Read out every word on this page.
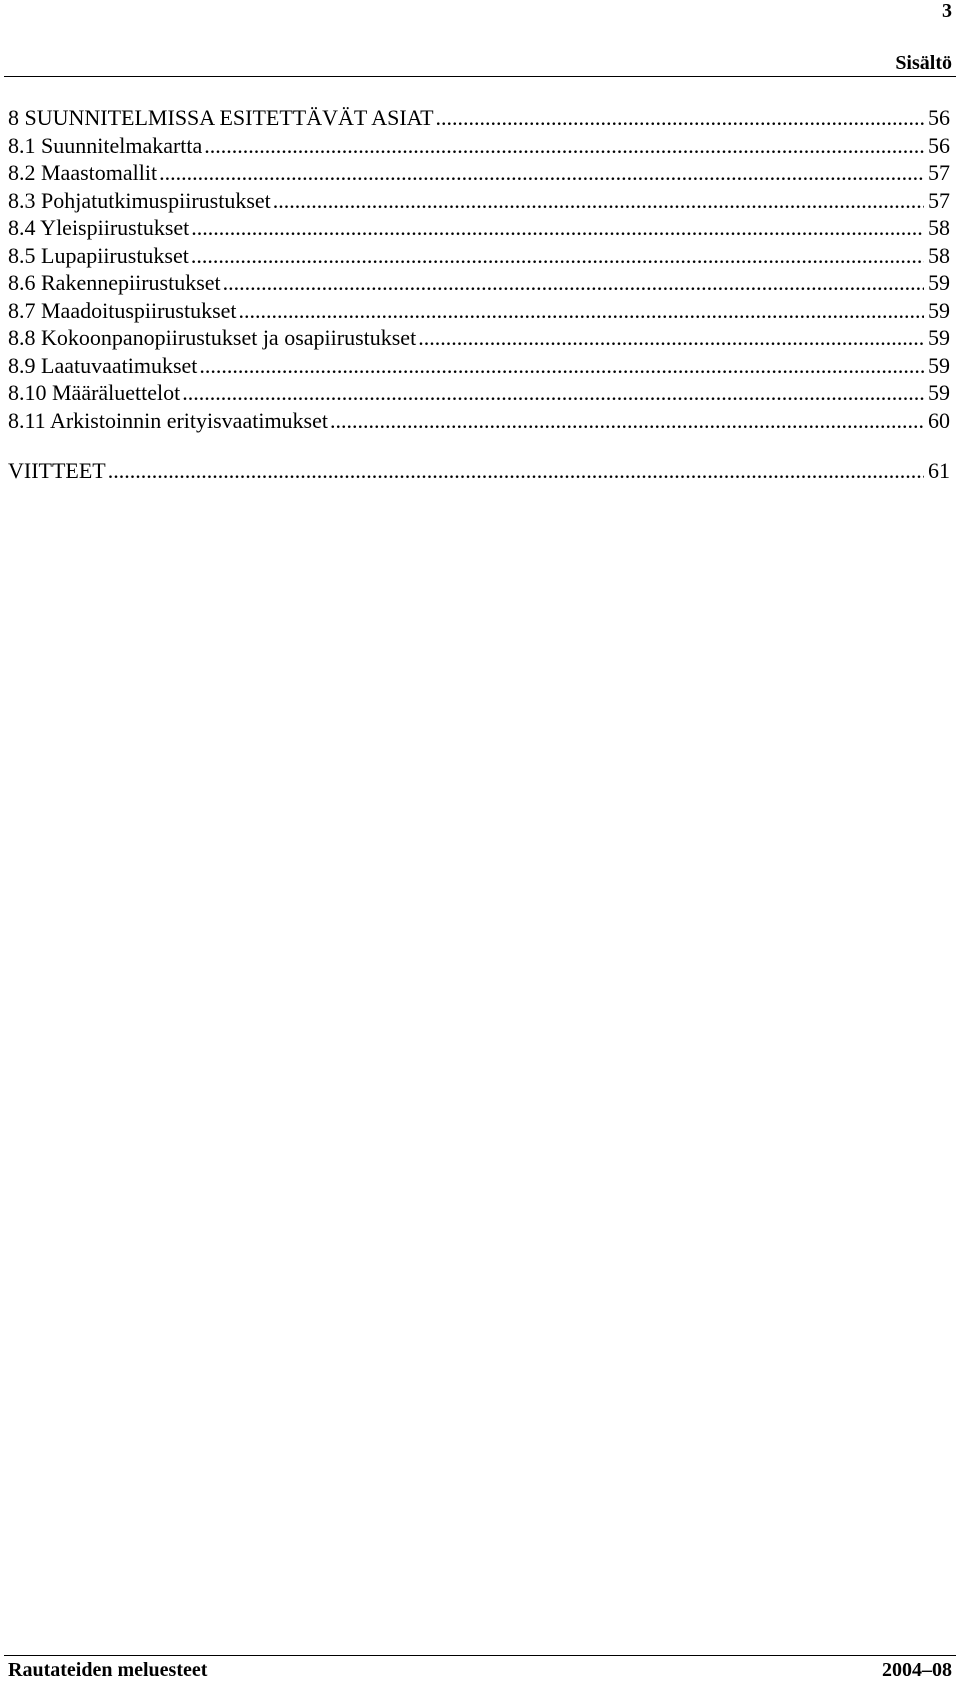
3
Sisältö
8 SUUNNITELMISSA ESITETTÄVÄT ASIAT .....	56
8.1 Suunnitelmakartta .....	56
8.2 Maastomallit .....	57
8.3 Pohjatutkimuspiirustukset .....	57
8.4 Yleispiirustukset .....	58
8.5 Lupapiirustukset .....	58
8.6 Rakennepiirustukset .....	59
8.7 Maadoituspiirustukset .....	59
8.8 Kokoonpanopiirustukset ja osapiirustukset .....	59
8.9 Laatuvaatimukset .....	59
8.10 Määräluettelot .....	59
8.11 Arkistoinnin erityisvaatimukset .....	60
VIITTEET .....	61
Rautateiden meluesteet	2004–08
